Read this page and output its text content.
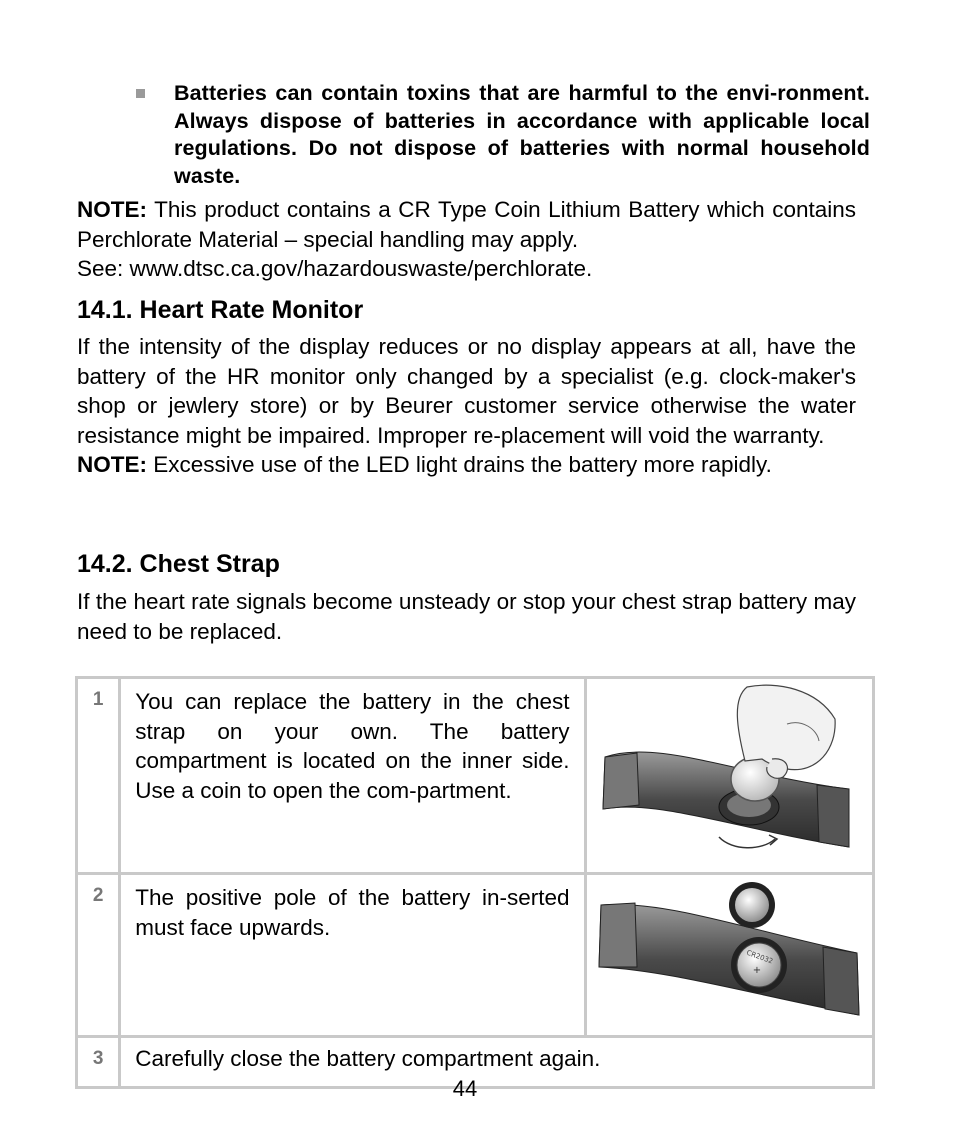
Batteries can contain toxins that are harmful to the envi-ronment. Always dispose of batteries in accordance with applicable local regulations. Do not dispose of batteries with normal household waste.
NOTE: This product contains a CR Type Coin Lithium Battery which contains Perchlorate Material – special handling may apply.
See: www.dtsc.ca.gov/hazardouswaste/perchlorate.
14.1. Heart Rate Monitor
If the intensity of the display reduces or no display appears at all, have the battery of the HR monitor only changed by a specialist (e.g. clock-maker's shop or jewlery store) or by Beurer customer service otherwise the water resistance might be impaired. Improper re-placement will void the warranty.
NOTE: Excessive use of the LED light drains the battery more rapidly.
14.2. Chest Strap
If the heart rate signals become unsteady or stop your chest strap battery may need to be replaced.
1	You can replace the battery in the chest strap on your own. The battery compartment is located on the inner side. Use a coin to open the com-partment.	

2	The positive pole of the battery in-serted must face upwards.	CR2032
+

3	Carefully close the battery compartment again.	
44
